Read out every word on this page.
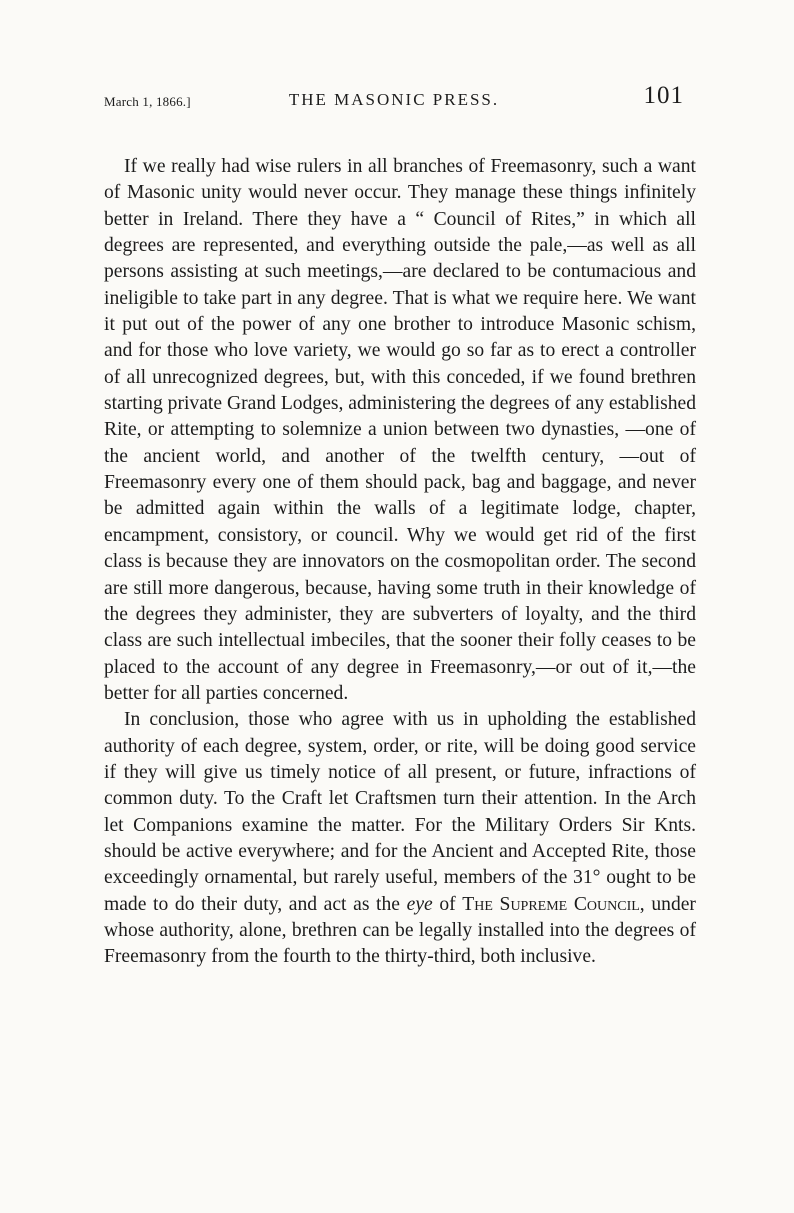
March 1, 1866.]	THE MASONIC PRESS.	101

If we really had wise rulers in all branches of Freemasonry, such a want of Masonic unity would never occur. They manage these things infinitely better in Ireland. There they have a “ Council of Rites,” in which all degrees are represented, and everything outside the pale,—as well as all persons assisting at such meetings,—are declared to be contumacious and ineligible to take part in any degree. That is what we require here. We want it put out of the power of any one brother to introduce Masonic schism, and for those who love variety, we would go so far as to erect a controller of all unrecognized degrees, but, with this conceded, if we found brethren starting private Grand Lodges, administering the degrees of any established Rite, or attempting to solemnize a union between two dynasties, —one of the ancient world, and another of the twelfth century, —out of Freemasonry every one of them should pack, bag and baggage, and never be admitted again within the walls of a legitimate lodge, chapter, encampment, consistory, or council. Why we would get rid of the first class is because they are innovators on the cosmopolitan order. The second are still more dangerous, because, having some truth in their knowledge of the degrees they administer, they are subverters of loyalty, and the third class are such intellectual imbeciles, that the sooner their folly ceases to be placed to the account of any degree in Freemasonry,—or out of it,—the better for all parties concerned.

In conclusion, those who agree with us in upholding the established authority of each degree, system, order, or rite, will be doing good service if they will give us timely notice of all present, or future, infractions of common duty. To the Craft let Craftsmen turn their attention. In the Arch let Companions examine the matter. For the Military Orders Sir Knts. should be active everywhere; and for the Ancient and Accepted Rite, those exceedingly ornamental, but rarely useful, members of the 31° ought to be made to do their duty, and act as the eye of The Supreme Council, under whose authority, alone, brethren can be legally installed into the degrees of Freemasonry from the fourth to the thirty-third, both inclusive.
